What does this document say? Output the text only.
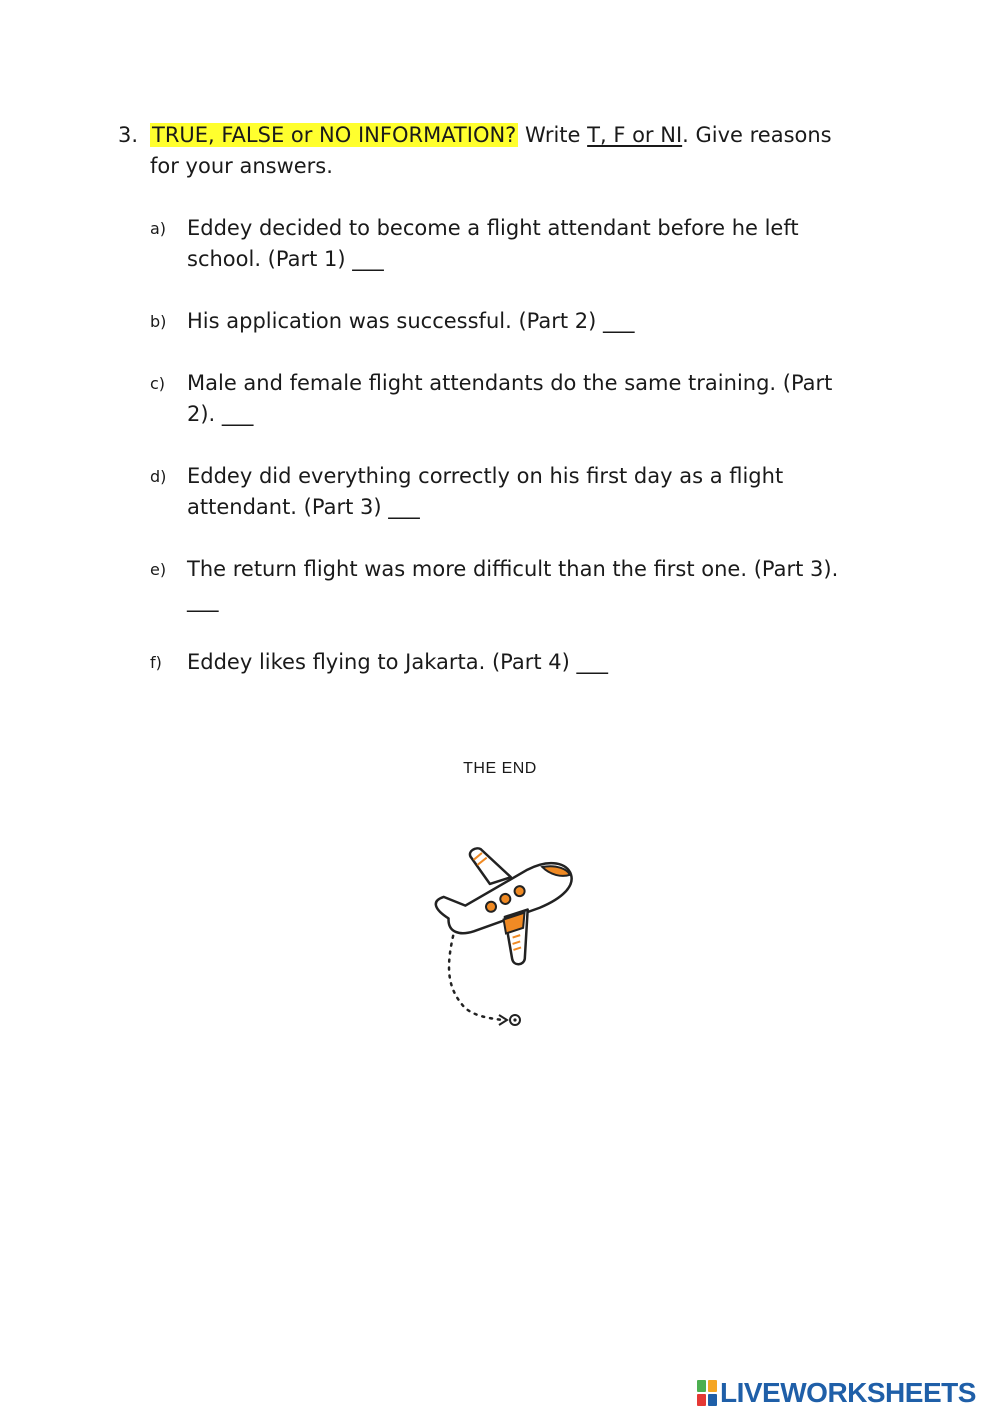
3. TRUE, FALSE or NO INFORMATION? Write T, F or NI. Give reasons for your answers.
a) Eddey decided to become a flight attendant before he left school. (Part 1) ___
b) His application was successful. (Part 2) ___
c) Male and female flight attendants do the same training. (Part 2). ___
d) Eddey did everything correctly on his first day as a flight attendant. (Part 3) ___
e) The return flight was more difficult than the first one. (Part 3). ___
f) Eddey likes flying to Jakarta. (Part 4) ___
THE END
LIVEWORKSHEETS
